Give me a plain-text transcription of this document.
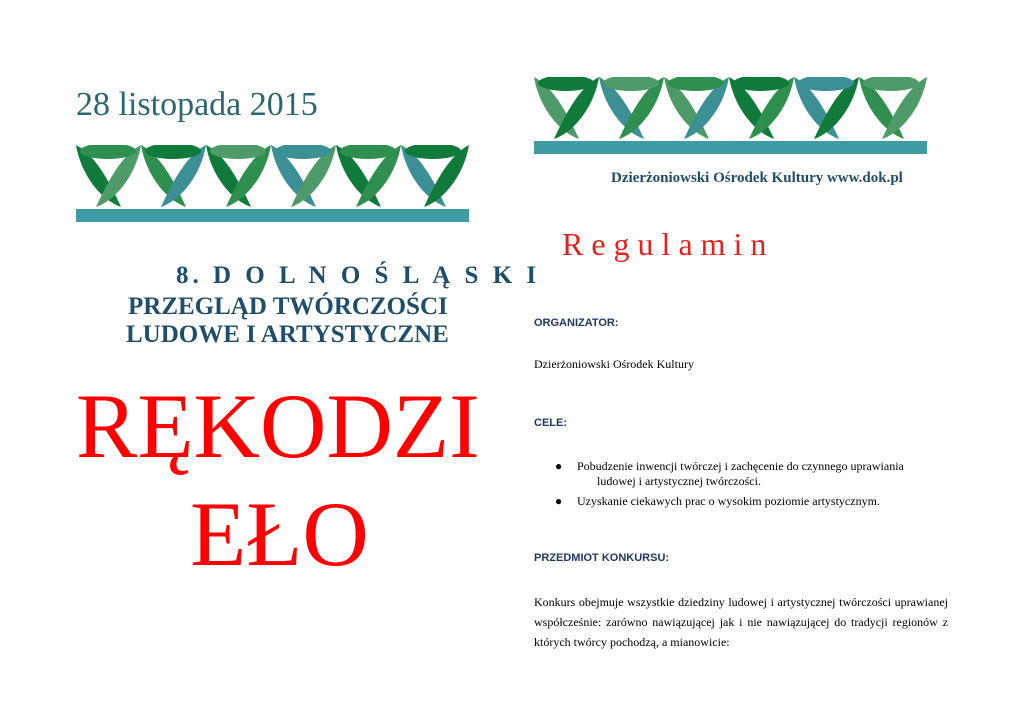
28 listopada 2015
8. D O L N O Ś L Ą S K I
PRZEGLĄD TWÓRCZOŚCI
LUDOWE I ARTYSTYCZNE
RĘKODZI
EŁO
Dzierżoniowski Ośrodek Kultury www.dok.pl
Regulamin
ORGANIZATOR:
Dzierżoniowski Ośrodek Kultury
CELE:
● Pobudzenie inwencji twórczej i zachęcenie do czynnego uprawiania
ludowej i artystycznej twórczości.
● Uzyskanie ciekawych prac o wysokim poziomie artystycznym.
PRZEDMIOT KONKURSU:
Konkurs obejmuje wszystkie dziedziny ludowej i artystycznej twórczości uprawianej współcześnie: zarówno nawiązującej jak i nie nawiązującej do tradycji regionów z których twórcy pochodzą, a mianowicie:
